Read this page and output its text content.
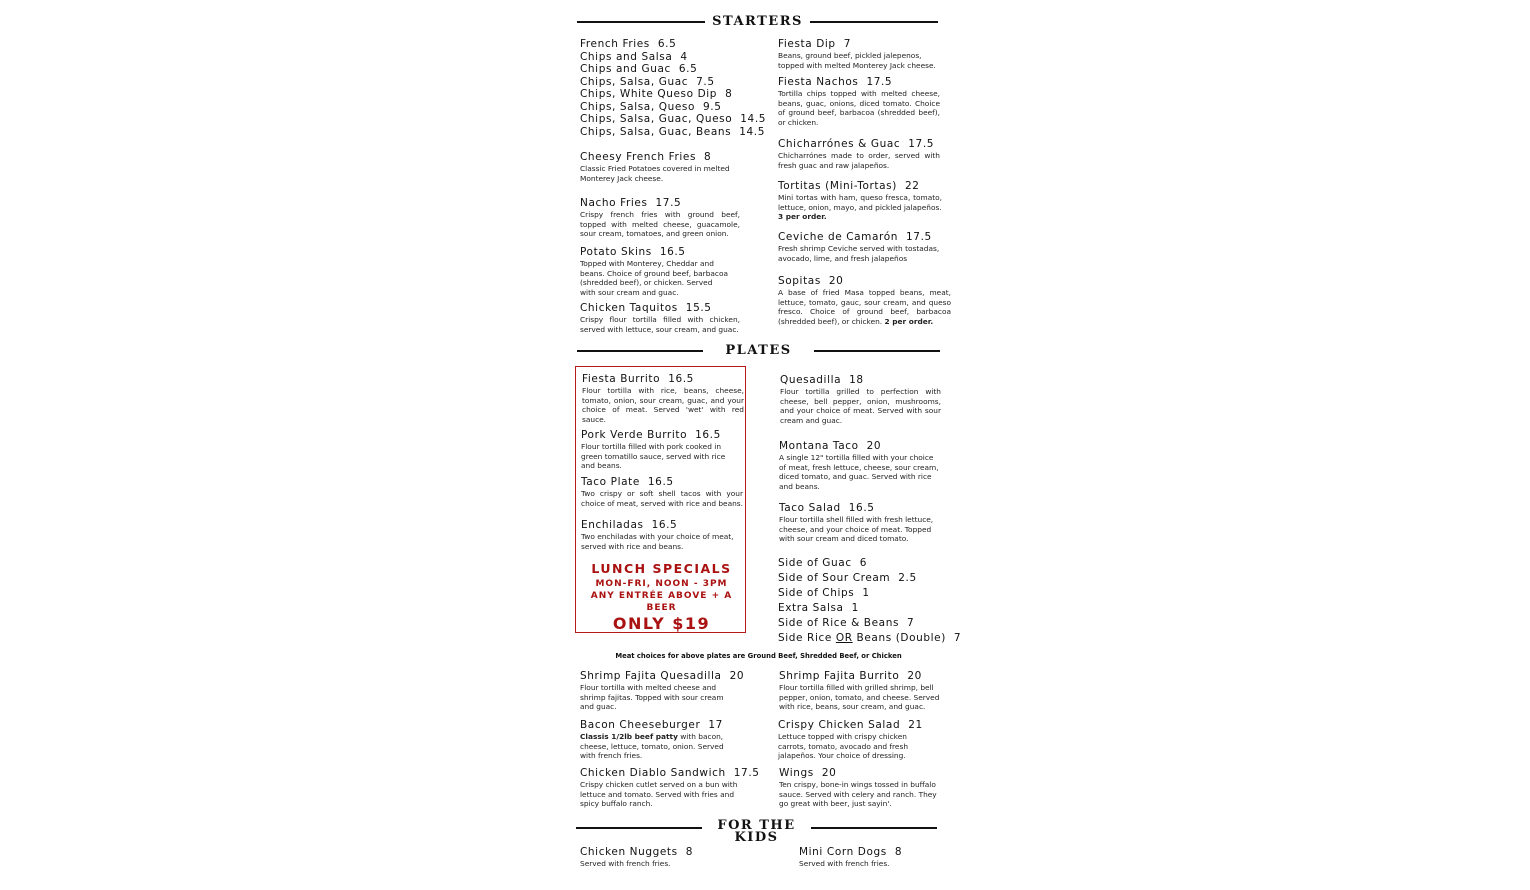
STARTERS
French Fries 6.5
Chips and Salsa 4
Chips and Guac 6.5
Chips, Salsa, Guac 7.5
Chips, White Queso Dip 8
Chips, Salsa, Queso 9.5
Chips, Salsa, Guac, Queso 14.5
Chips, Salsa, Guac, Beans 14.5
Cheesy French Fries 8
Classic Fried Potatoes covered in melted Monterey Jack cheese.
Nacho Fries 17.5
Crispy french fries with ground beef, topped with melted cheese, guacamole, sour cream, tomatoes, and green onion.
Potato Skins 16.5
Topped with Monterey, Cheddar and beans. Choice of ground beef, barbacoa (shredded beef), or chicken. Served with sour cream and guac.
Chicken Taquitos 15.5
Crispy flour tortilla filled with chicken, served with lettuce, sour cream, and guac.
Fiesta Dip 7
Beans, ground beef, pickled jalepenos, topped with melted Monterey Jack cheese.
Fiesta Nachos 17.5
Tortilla chips topped with melted cheese, beans, guac, onions, diced tomato. Choice of ground beef, barbacoa (shredded beef), or chicken.
Chicharrónes & Guac 17.5
Chicharrónes made to order, served with fresh guac and raw jalapeños.
Tortitas (Mini-Tortas) 22
Mini tortas with ham, queso fresca, tomato, lettuce, onion, mayo, and pickled jalapeños.
3 per order.
Ceviche de Camarón 17.5
Fresh shrimp Ceviche served with tostadas, avocado, lime, and fresh jalapeños
Sopitas 20
A base of fried Masa topped beans, meat, lettuce, tomato, gauc, sour cream, and queso fresco. Choice of ground beef, barbacoa (shredded beef), or chicken. 2 per order.
PLATES
Fiesta Burrito 16.5
Flour tortilla with rice, beans, cheese, tomato, onion, sour cream, guac, and your choice of meat. Served 'wet' with red sauce.
Pork Verde Burrito 16.5
Flour tortilla filled with pork cooked in green tomatillo sauce, served with rice and beans.
Taco Plate 16.5
Two crispy or soft shell tacos with your choice of meat, served with rice and beans.
Enchiladas 16.5
Two enchiladas with your choice of meat, served with rice and beans.
LUNCH SPECIALS
MON-FRI, NOON - 3PM
ANY ENTRÉE ABOVE + A BEER
ONLY $19
Quesadilla 18
Flour tortilla grilled to perfection with cheese, bell pepper, onion, mushrooms, and your choice of meat. Served with sour cream and guac.
Montana Taco 20
A single 12" tortilla filled with your choice of meat, fresh lettuce, cheese, sour cream, diced tomato, and guac. Served with rice and beans.
Taco Salad 16.5
Flour tortilla shell filled with fresh lettuce, cheese, and your choice of meat. Topped with sour cream and diced tomato.
Side of Guac 6
Side of Sour Cream 2.5
Side of Chips 1
Extra Salsa 1
Side of Rice & Beans 7
Side Rice OR Beans (Double) 7
Meat choices for above plates are Ground Beef, Shredded Beef, or Chicken
Shrimp Fajita Quesadilla 20
Flour tortilla with melted cheese and shrimp fajitas. Topped with sour cream and guac.
Bacon Cheeseburger 17
Classis 1/2lb beef patty with bacon, cheese, lettuce, tomato, onion. Served with french fries.
Chicken Diablo Sandwich 17.5
Crispy chicken cutlet served on a bun with lettuce and tomato. Served with fries and spicy buffalo ranch.
Shrimp Fajita Burrito 20
Flour tortilla filled with grilled shrimp, bell pepper, onion, tomato, and cheese. Served with rice, beans, sour cream, and guac.
Crispy Chicken Salad 21
Lettuce topped with crispy chicken carrots, tomato, avocado and fresh jalapeños. Your choice of dressing.
Wings 20
Ten crispy, bone-in wings tossed in buffalo sauce. Served with celery and ranch. They go great with beer, just sayin'.
FOR THE
KIDS
Chicken Nuggets 8
Served with french fries.
Mini Corn Dogs 8
Served with french fries.
